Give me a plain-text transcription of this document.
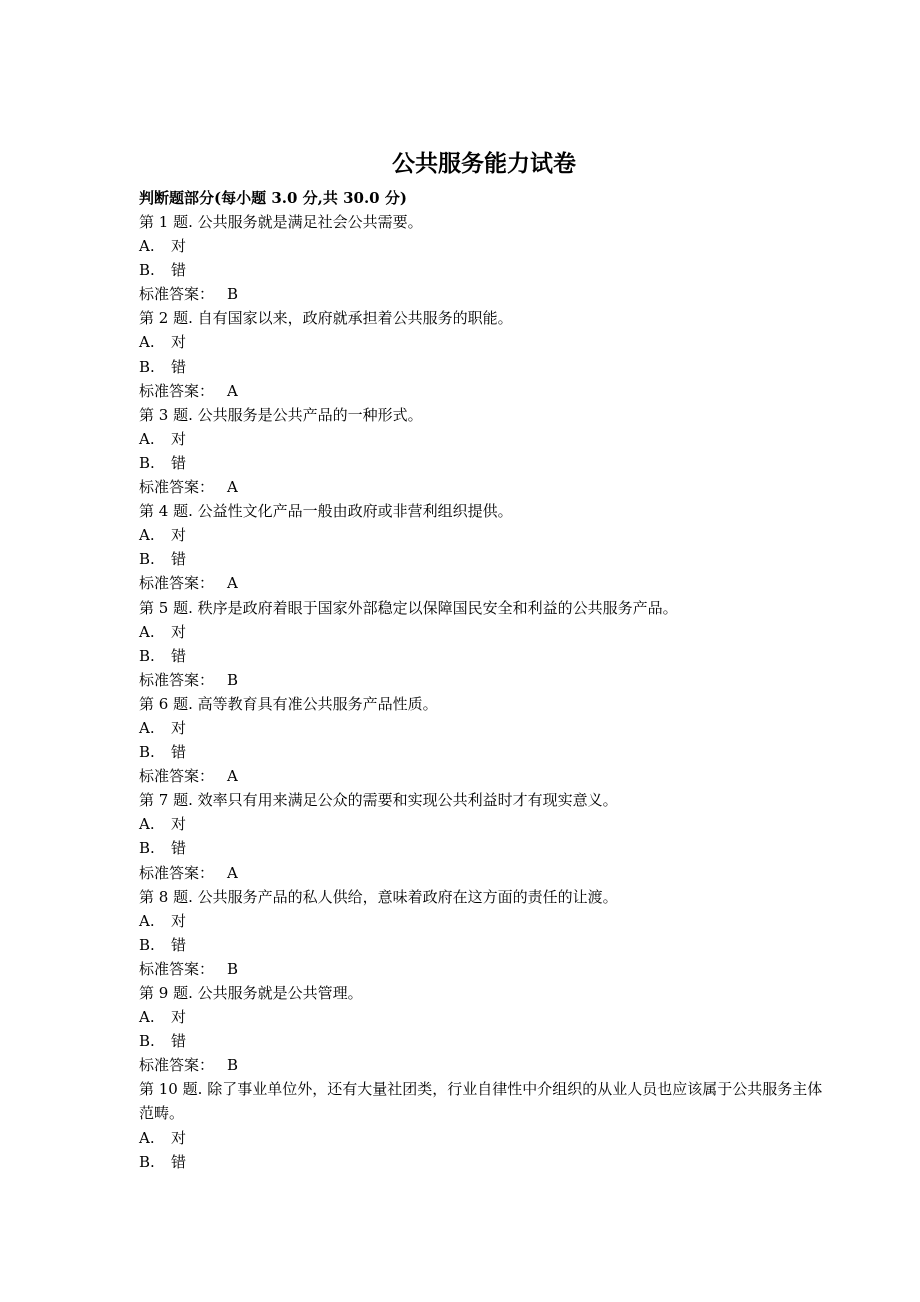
公共服务能力试卷
判断题部分(每小题 3.0 分,共 30.0 分)
第 1 题. 公共服务就是满足社会公共需要。
A. 对
B. 错
标准答案： B
第 2 题. 自有国家以来，政府就承担着公共服务的职能。
A. 对
B. 错
标准答案： A
第 3 题. 公共服务是公共产品的一种形式。
A. 对
B. 错
标准答案： A
第 4 题. 公益性文化产品一般由政府或非营利组织提供。
A. 对
B. 错
标准答案： A
第 5 题. 秩序是政府着眼于国家外部稳定以保障国民安全和利益的公共服务产品。
A. 对
B. 错
标准答案： B
第 6 题. 高等教育具有准公共服务产品性质。
A. 对
B. 错
标准答案： A
第 7 题. 效率只有用来满足公众的需要和实现公共利益时才有现实意义。
A. 对
B. 错
标准答案： A
第 8 题. 公共服务产品的私人供给，意味着政府在这方面的责任的让渡。
A. 对
B. 错
标准答案： B
第 9 题. 公共服务就是公共管理。
A. 对
B. 错
标准答案： B
第 10 题. 除了事业单位外，还有大量社团类，行业自律性中介组织的从业人员也应该属于公共服务主体范畴。
A. 对
B. 错
